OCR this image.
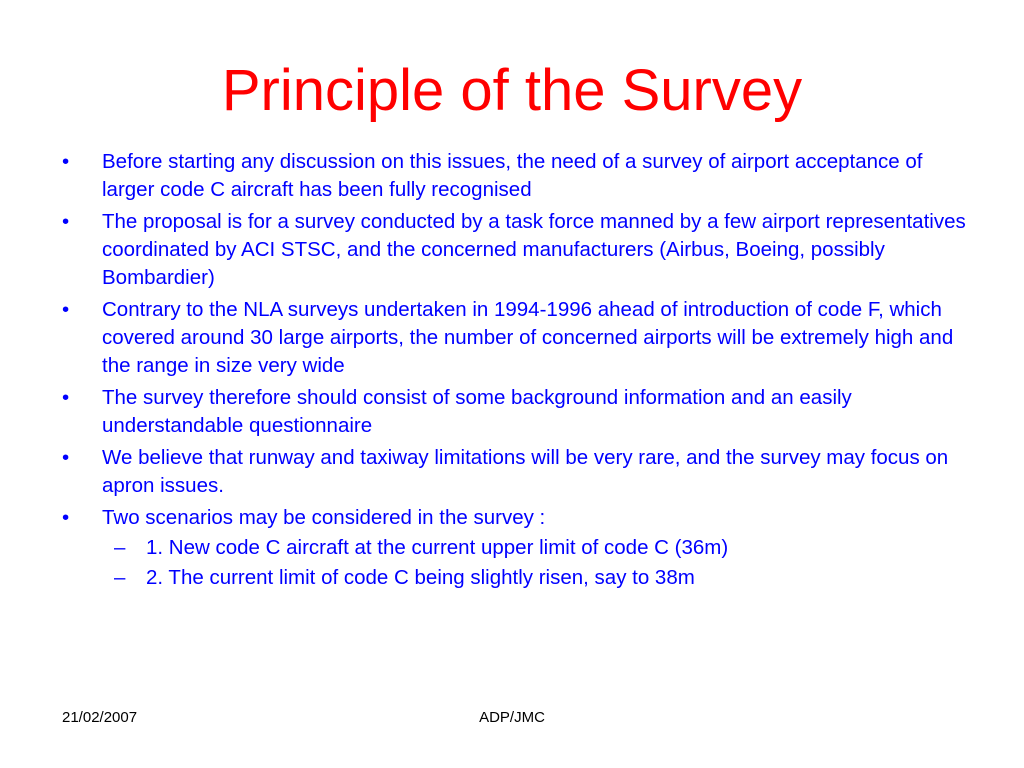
Principle of the Survey
•	Before starting any discussion on this issues, the need of a survey of airport acceptance of larger code C aircraft has been fully recognised
•	The proposal is for a survey conducted by a task force manned by a few airport representatives coordinated by ACI STSC, and the concerned manufacturers (Airbus, Boeing, possibly Bombardier)
•	Contrary to the NLA surveys undertaken in 1994-1996 ahead of introduction of code F, which covered around 30 large airports, the number of concerned airports will be extremely high and the range in size very wide
•	The survey therefore should consist of some background information and an easily understandable questionnaire
•	We believe that runway and taxiway limitations will be very rare, and the survey may focus on apron issues.
•	Two scenarios may be considered in the survey :
– 1. New code C aircraft at the current upper limit of code C (36m)
– 2. The current limit of code C being slightly risen, say to 38m
21/02/2007	ADP/JMC
